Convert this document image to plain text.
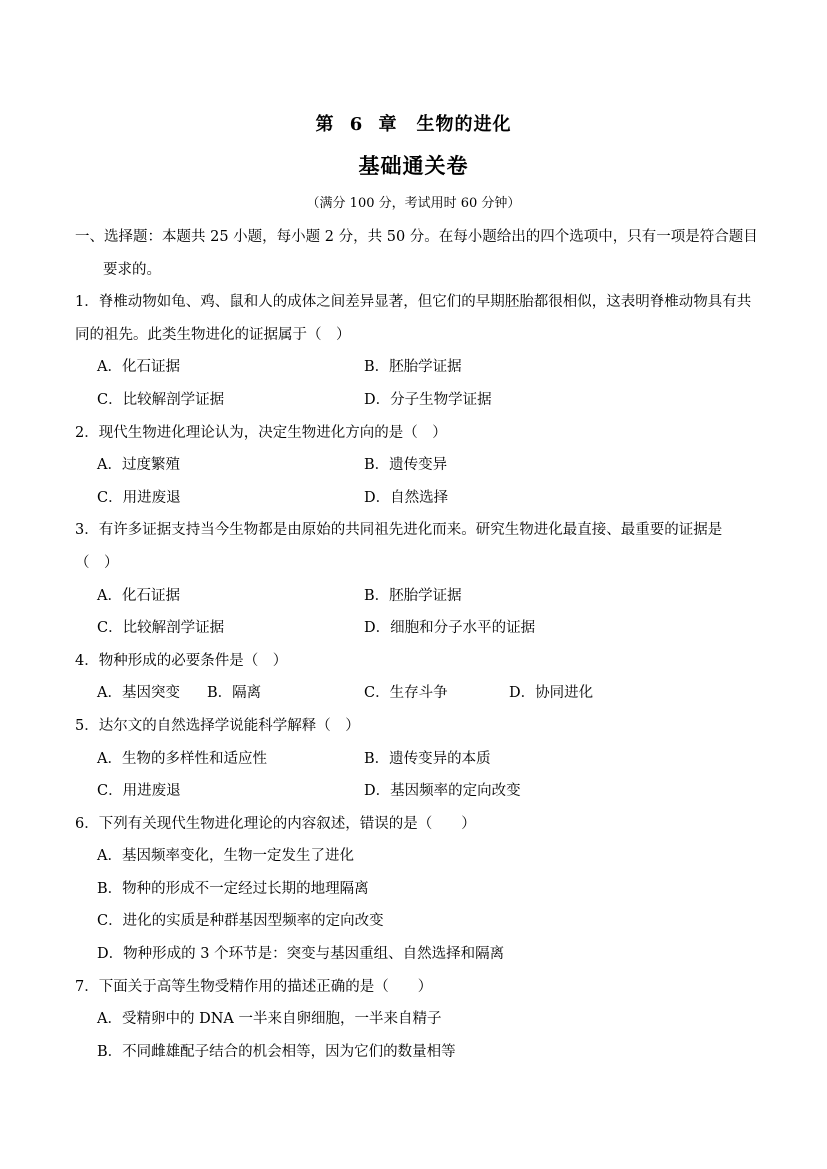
第 6 章　生物的进化
基础通关卷
（满分 100 分，考试用时 60 分钟）
一、选择题：本题共 25 小题，每小题 2 分，共 50 分。在每小题给出的四个选项中，只有一项是符合题目
要求的。
1．脊椎动物如龟、鸡、鼠和人的成体之间差异显著，但它们的早期胚胎都很相似，这表明脊椎动物具有共
同的祖先。此类生物进化的证据属于（　）
A．化石证据	B．胚胎学证据
C．比较解剖学证据	D．分子生物学证据
2．现代生物进化理论认为，决定生物进化方向的是（　）
A．过度繁殖	B．遗传变异
C．用进废退	D．自然选择
3．有许多证据支持当今生物都是由原始的共同祖先进化而来。研究生物进化最直接、最重要的证据是
（　）
A．化石证据	B．胚胎学证据
C．比较解剖学证据	D．细胞和分子水平的证据
4．物种形成的必要条件是（　）
A．基因突变 B．隔离	C．生存斗争	D．协同进化
5．达尔文的自然选择学说能科学解释（　）
A．生物的多样性和适应性	B．遗传变异的本质
C．用进废退	D．基因频率的定向改变
6．下列有关现代生物进化理论的内容叙述，错误的是（　　）
A．基因频率变化，生物一定发生了进化
B．物种的形成不一定经过长期的地理隔离
C．进化的实质是种群基因型频率的定向改变
D．物种形成的 3 个环节是：突变与基因重组、自然选择和隔离
7．下面关于高等生物受精作用的描述正确的是（　　）
A．受精卵中的 DNA 一半来自卵细胞，一半来自精子
B．不同雌雄配子结合的机会相等，因为它们的数量相等
